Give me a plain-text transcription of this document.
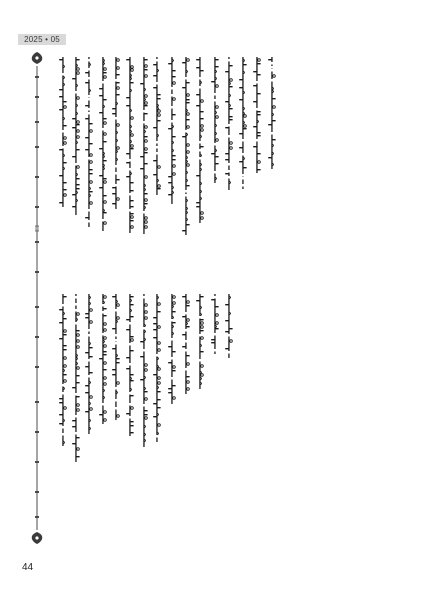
2025 • 05
44
